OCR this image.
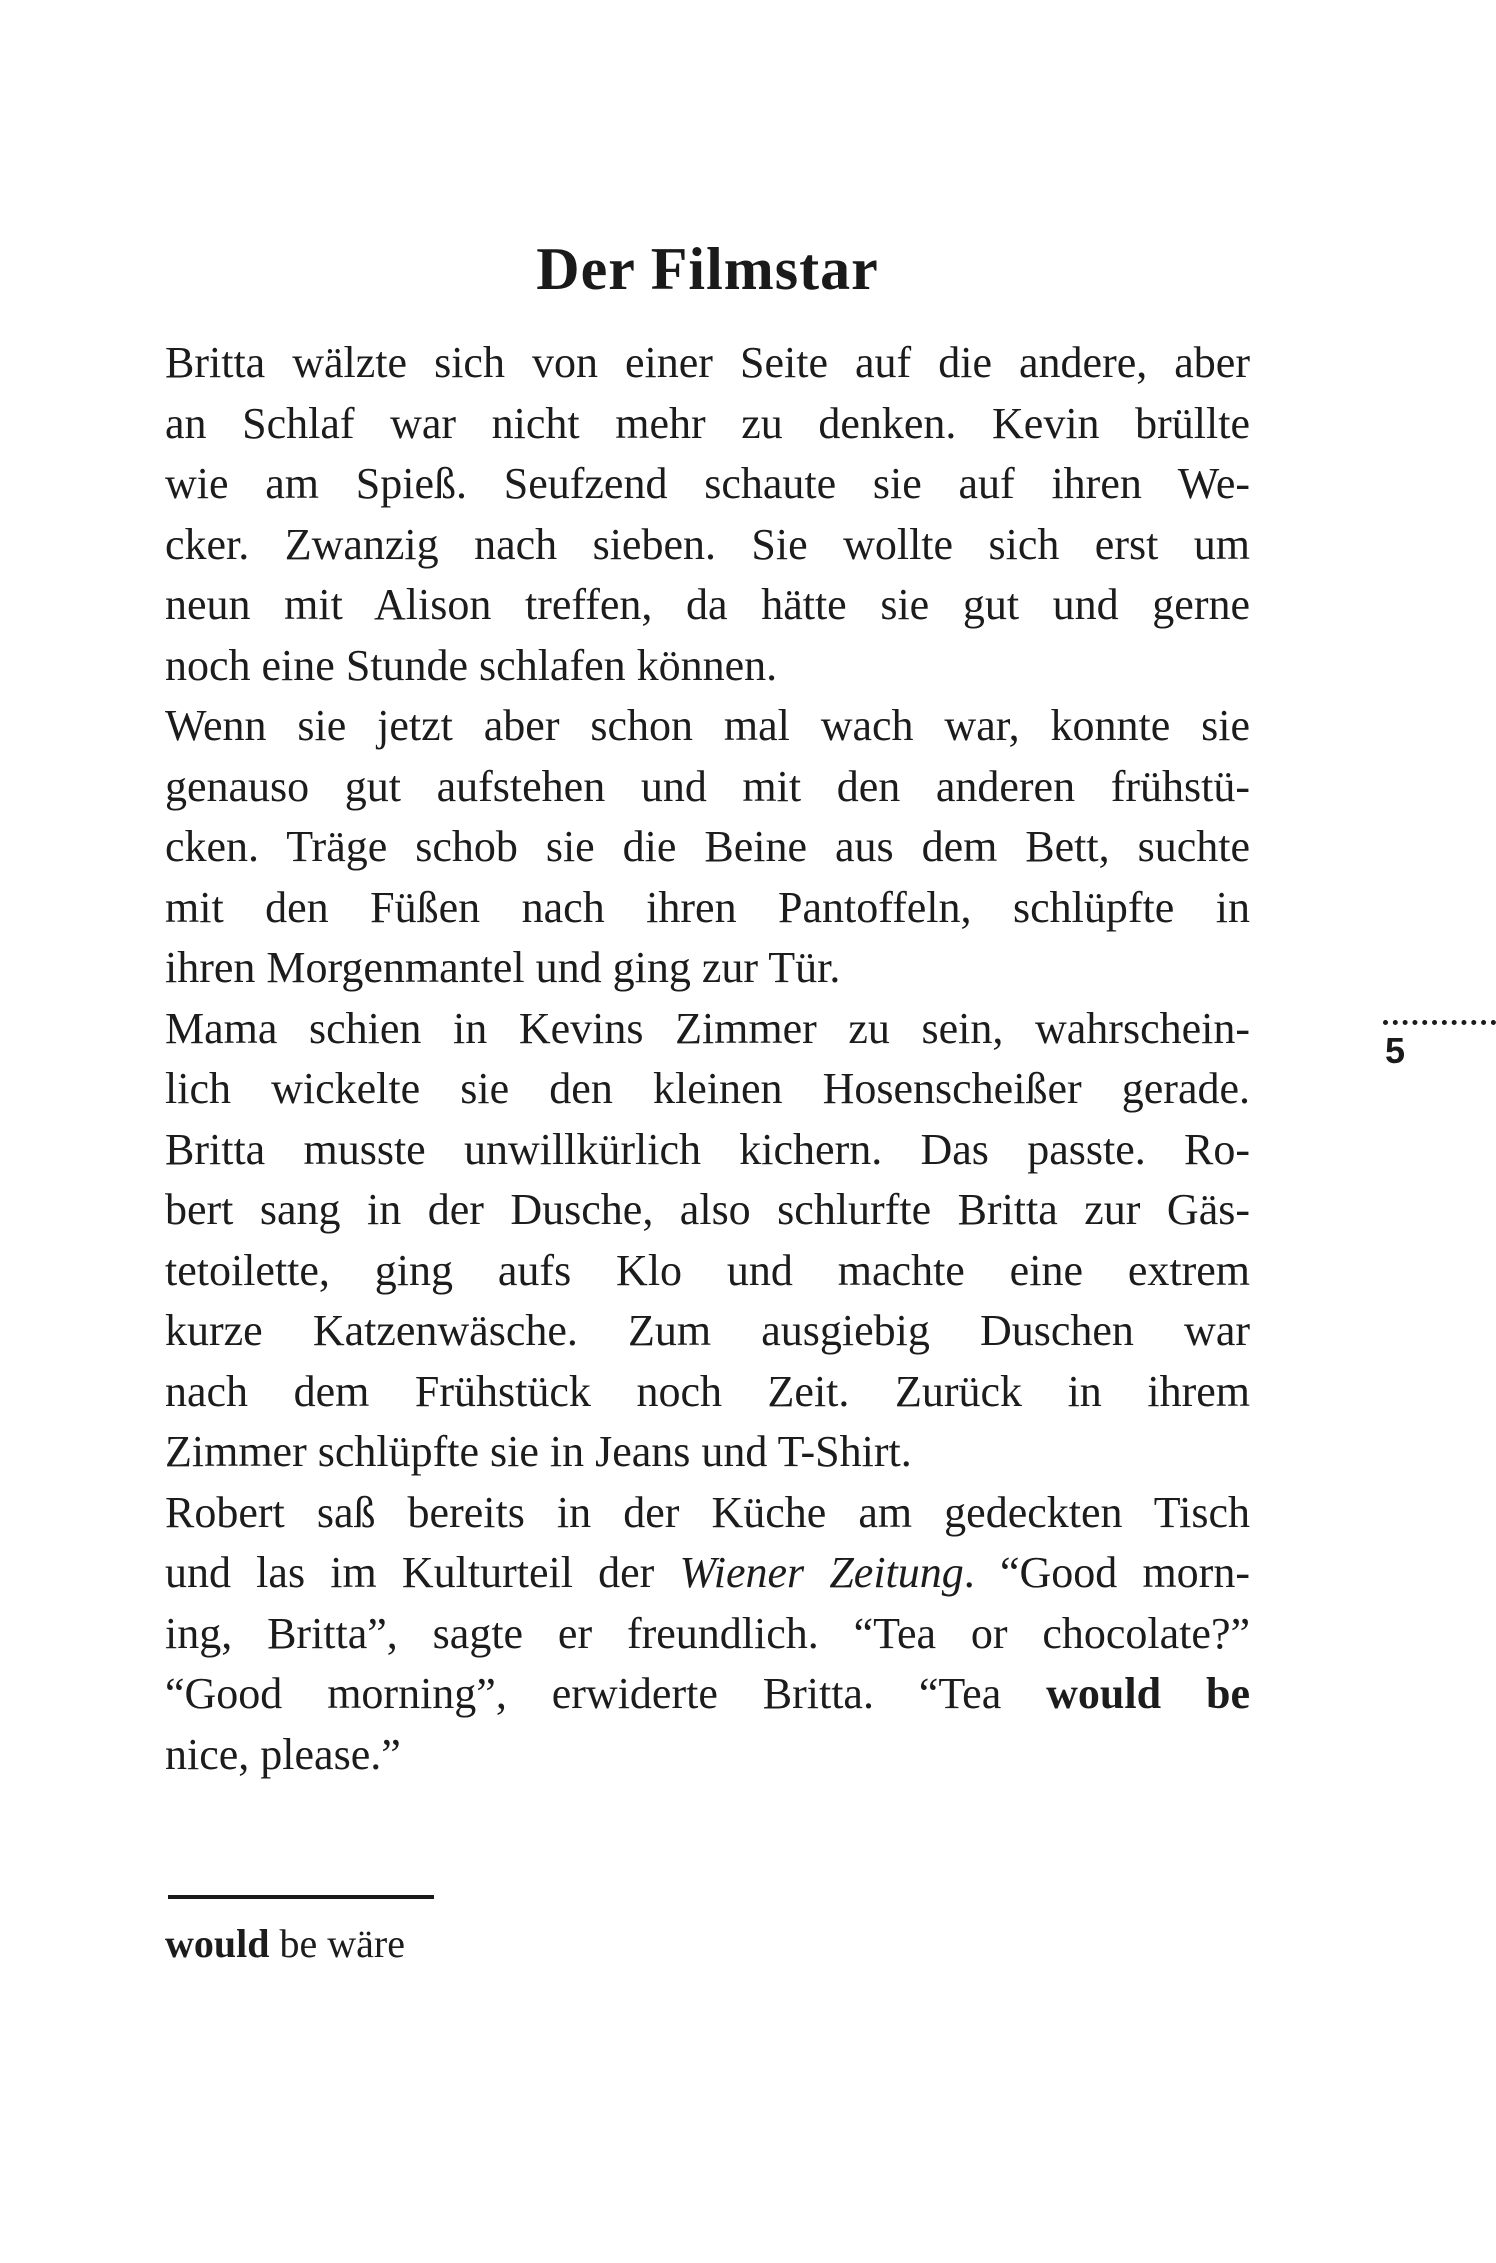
Der Filmstar
Britta wälzte sich von einer Seite auf die andere, aber
an Schlaf war nicht mehr zu denken. Kevin brüllte
wie am Spieß. Seufzend schaute sie auf ihren We-
cker. Zwanzig nach sieben. Sie wollte sich erst um
neun mit Alison treffen, da hätte sie gut und gerne
noch eine Stunde schlafen können.
Wenn sie jetzt aber schon mal wach war, konnte sie
genauso gut aufstehen und mit den anderen frühstü-
cken. Träge schob sie die Beine aus dem Bett, suchte
mit den Füßen nach ihren Pantoffeln, schlüpfte in
ihren Morgenmantel und ging zur Tür.
Mama schien in Kevins Zimmer zu sein, wahrschein-
lich wickelte sie den kleinen Hosenscheißer gerade.
Britta musste unwillkürlich kichern. Das passte. Ro-
bert sang in der Dusche, also schlurfte Britta zur Gäs-
tetoilette, ging aufs Klo und machte eine extrem
kurze Katzenwäsche. Zum ausgiebig Duschen war
nach dem Frühstück noch Zeit. Zurück in ihrem
Zimmer schlüpfte sie in Jeans und T-Shirt.
Robert saß bereits in der Küche am gedeckten Tisch
und las im Kulturteil der Wiener Zeitung. “Good morn-
ing, Britta”, sagte er freundlich. “Tea or chocolate?”
“Good morning”, erwiderte Britta. “Tea would be
nice, please.”
5
would be wäre
